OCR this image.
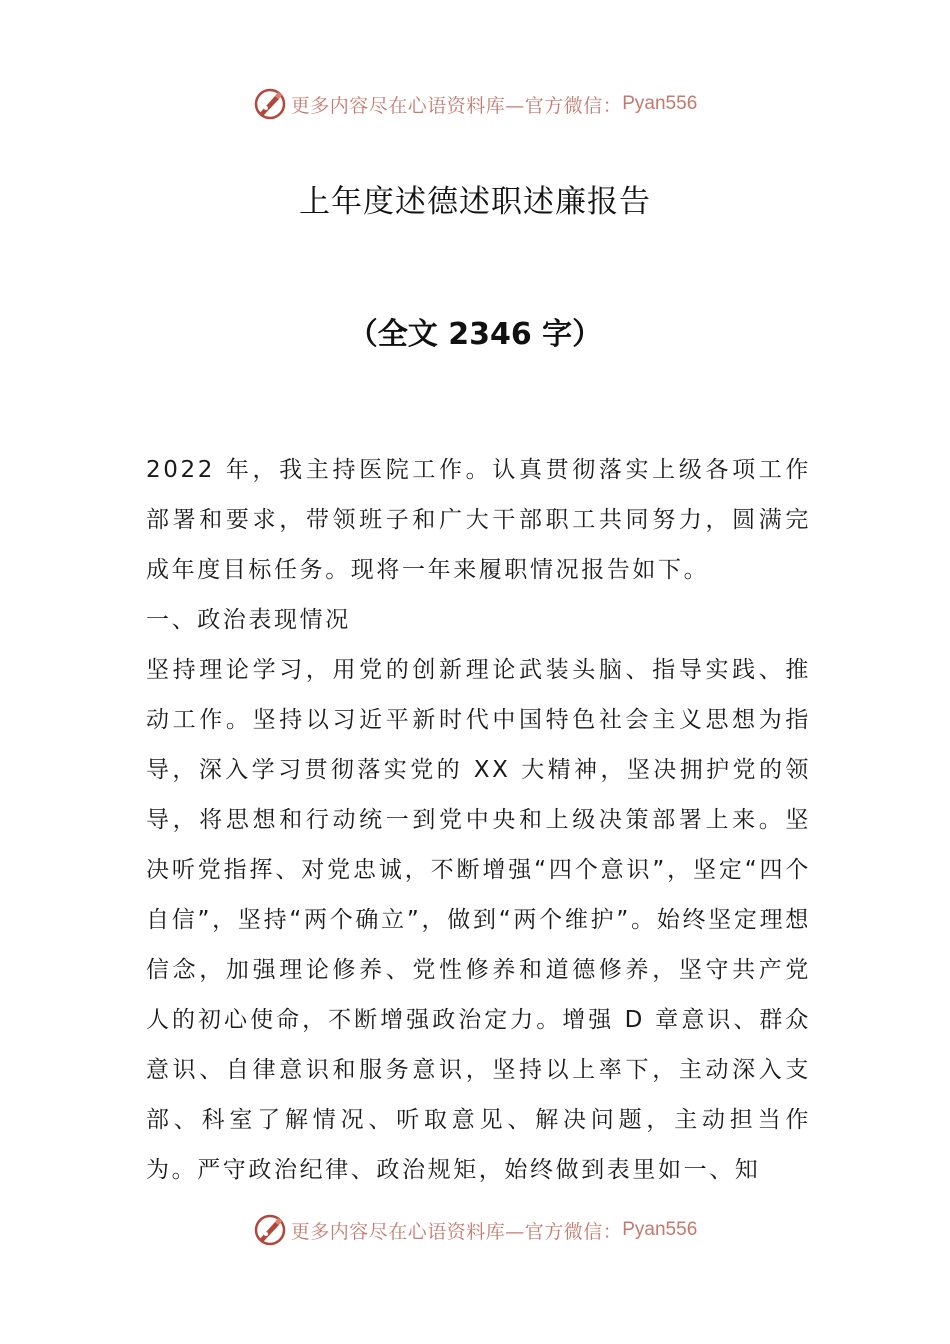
更多内容尽在心语资料库—官方微信： Pyan556
上年度述德述职述廉报告
（全文 2346 字）

2022 年，我主持医院工作。认真贯彻落实上级各项工作部署和要求，带领班子和广大干部职工共同努力，圆满完成年度目标任务。现将一年来履职情况报告如下。

一、政治表现情况

坚持理论学习，用党的创新理论武装头脑、指导实践、推动工作。坚持以习近平新时代中国特色社会主义思想为指导，深入学习贯彻落实党的 XX 大精神，坚决拥护党的领导，将思想和行动统一到党中央和上级决策部署上来。坚决听党指挥、对党忠诚，不断增强“四个意识”，坚定“四个自信”，坚持“两个确立”，做到“两个维护”。始终坚定理想信念，加强理论修养、党性修养和道德修养，坚守共产党人的初心使命，不断增强政治定力。增强 D 章意识、群众意识、自律意识和服务意识，坚持以上率下，主动深入支部、科室了解情况、听取意见、解决问题，主动担当作为。严守政治纪律、政治规矩，始终做到表里如一、知

更多内容尽在心语资料库—官方微信： Pyan556
